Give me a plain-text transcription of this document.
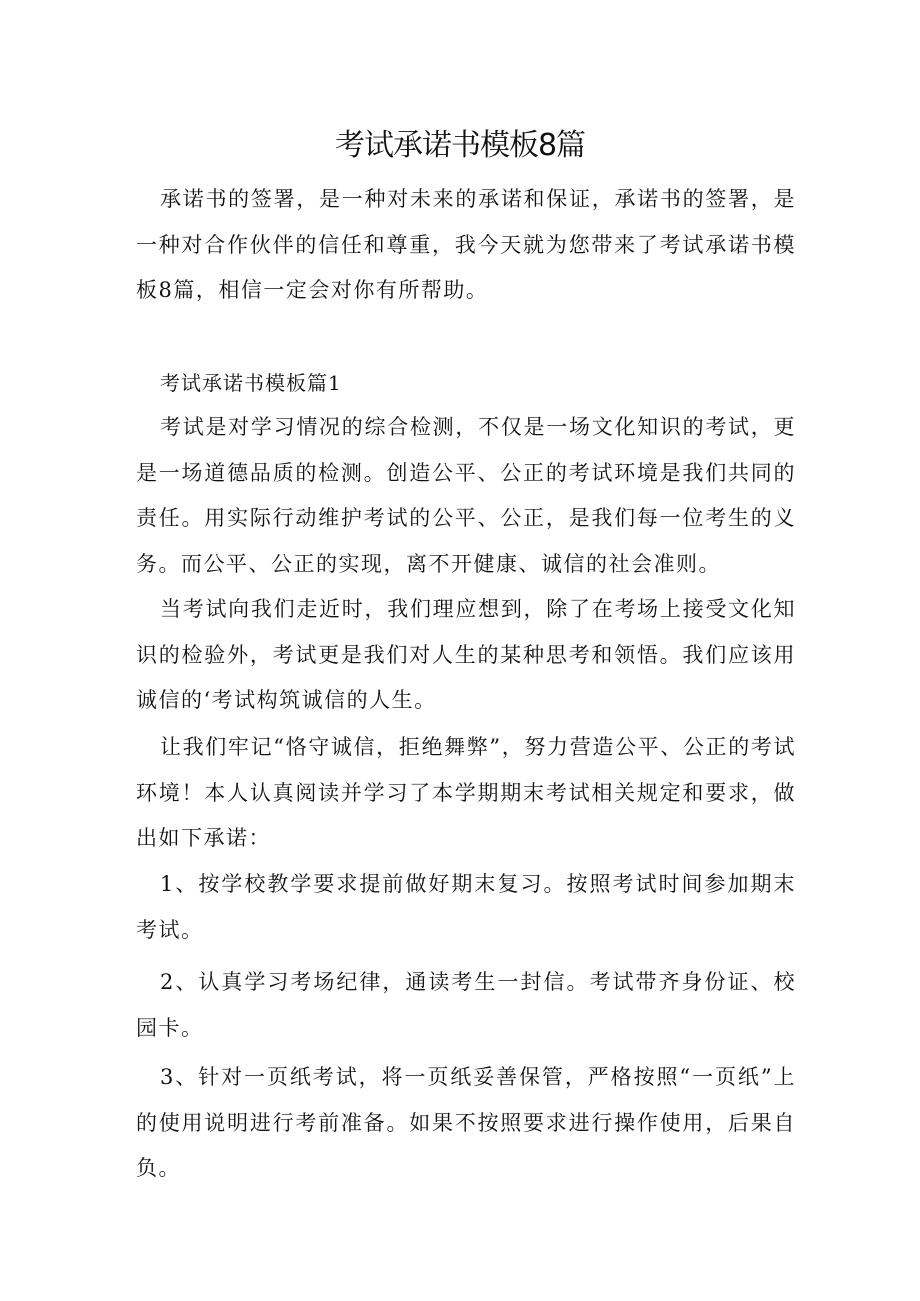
考试承诺书模板8篇

承诺书的签署，是一种对未来的承诺和保证，承诺书的签署，是一种对合作伙伴的信任和尊重，我今天就为您带来了考试承诺书模板8篇，相信一定会对你有所帮助。

考试承诺书模板篇1

考试是对学习情况的综合检测，不仅是一场文化知识的考试，更是一场道德品质的检测。创造公平、公正的考试环境是我们共同的责任。用实际行动维护考试的公平、公正，是我们每一位考生的义务。而公平、公正的实现，离不开健康、诚信的社会准则。

当考试向我们走近时，我们理应想到，除了在考场上接受文化知识的检验外，考试更是我们对人生的某种思考和领悟。我们应该用诚信的‘考试构筑诚信的人生。

让我们牢记“恪守诚信，拒绝舞弊”，努力营造公平、公正的考试环境！本人认真阅读并学习了本学期期末考试相关规定和要求，做出如下承诺：

1、按学校教学要求提前做好期末复习。按照考试时间参加期末考试。

2、认真学习考场纪律，通读考生一封信。考试带齐身份证、校园卡。

3、针对一页纸考试，将一页纸妥善保管，严格按照“一页纸”上的使用说明进行考前准备。如果不按照要求进行操作使用，后果自负。
